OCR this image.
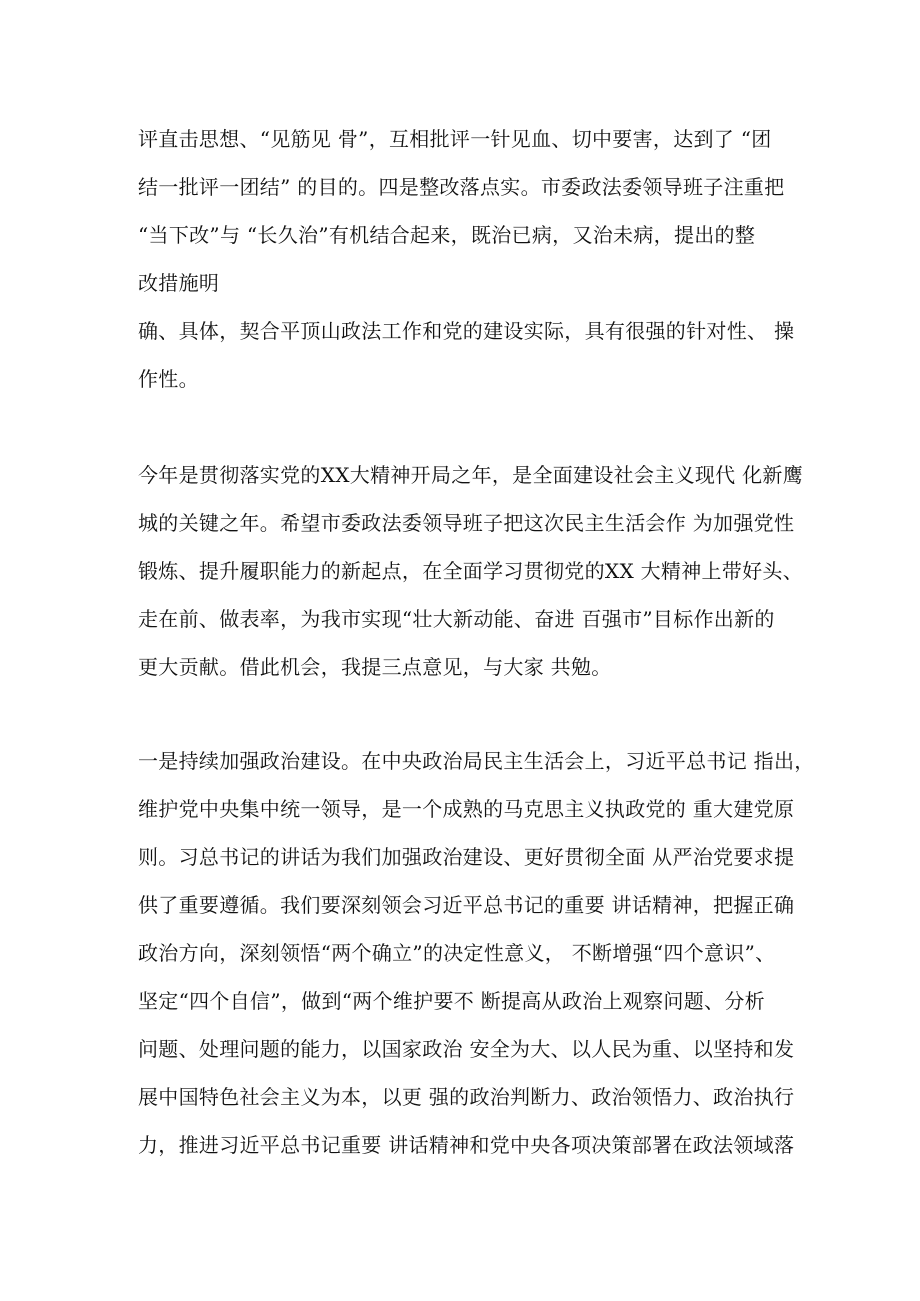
评直击思想、“见筋见 骨”，互相批评一针见血、切中要害，达到了 “团
结一批评一团结” 的目的。四是整改落点实。市委政法委领导班子注重把
“当下改”与 “长久治”有机结合起来，既治已病，又治未病，提出的整
改措施明
确、具体，契合平顶山政法工作和党的建设实际，具有很强的针对性、 操
作性。
今年是贯彻落实党的XX大精神开局之年，是全面建设社会主义现代 化新鹰
城的关键之年。希望市委政法委领导班子把这次民主生活会作 为加强党性
锻炼、提升履职能力的新起点，在全面学习贯彻党的XX 大精神上带好头、
走在前、做表率，为我市实现“壮大新动能、奋进 百强市”目标作出新的
更大贡献。借此机会，我提三点意见，与大家 共勉。
一是持续加强政治建设。在中央政治局民主生活会上，习近平总书记 指出，
维护党中央集中统一领导，是一个成熟的马克思主义执政党的 重大建党原
则。习总书记的讲话为我们加强政治建设、更好贯彻全面 从严治党要求提
供了重要遵循。我们要深刻领会习近平总书记的重要 讲话精神，把握正确
政治方向，深刻领悟“两个确立”的决定性意义， 不断增强“四个意识”、
坚定“四个自信”，做到“两个维护要不 断提高从政治上观察问题、分析
问题、处理问题的能力，以国家政治 安全为大、以人民为重、以坚持和发
展中国特色社会主义为本，以更 强的政治判断力、政治领悟力、政治执行
力，推进习近平总书记重要 讲话精神和党中央各项决策部署在政法领域落
